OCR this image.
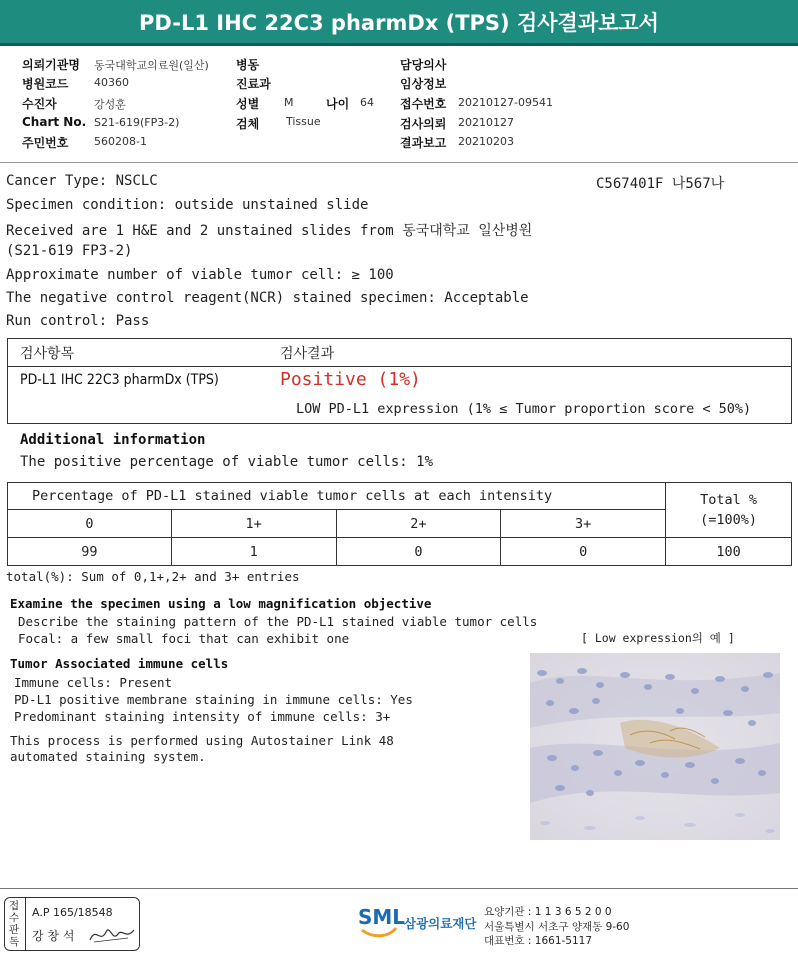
PD-L1 IHC 22C3 pharmDx (TPS) 검사결과보고서
의뢰기관명 동국대학교의료원(일산)
병원코드 40360
수진자	강성훈
Chart No. S21-619(FP3-2)
주민번호 560208-1
병동
진료과
성별 M	나이 64
검체 Tissue
담당의사
임상정보
접수번호 20210127-09541
검사의뢰 20210127
결과보고 20210203
Cancer Type: NSCLC	C567401F 나567나
Specimen condition: outside unstained slide
Received are 1 H&E and 2 unstained slides from 동국대학교 일산병원
(S21-619 FP3-2)
Approximate number of viable tumor cell: ≥ 100
The negative control reagent(NCR) stained specimen: Acceptable
Run control: Pass
검사항목	검사결과
PD-L1 IHC 22C3 pharmDx (TPS)	Positive (1%)
LOW PD-L1 expression (1% ≤ Tumor proportion score < 50%)
Additional information
The positive percentage of viable tumor cells: 1%
Percentage of PD-L1 stained viable tumor cells at each intensity				Total %
(=100%)

0	1+	2+	3+	
99	1	0	0	100
total(%): Sum of 0,1+,2+ and 3+ entries
Examine the specimen using a low magnification objective
Describe the staining pattern of the PD-L1 stained viable tumor cells
Focal: a few small foci that can exhibit one	[ Low expression의 예 ]
Tumor Associated immune cells
Immune cells: Present
PD-L1 positive membrane staining in immune cells: Yes
Predominant staining intensity of immune cells: 3+
This process is performed using Autostainer Link 48
automated staining system.
접수 판독
A.P 165/18548
강 창 석
SML
삼광의료재단
요양기관 : 1 1 3 6 5 2 0 0
서울특별시 서초구 양재동 9-60
대표번호 : 1661-5117
